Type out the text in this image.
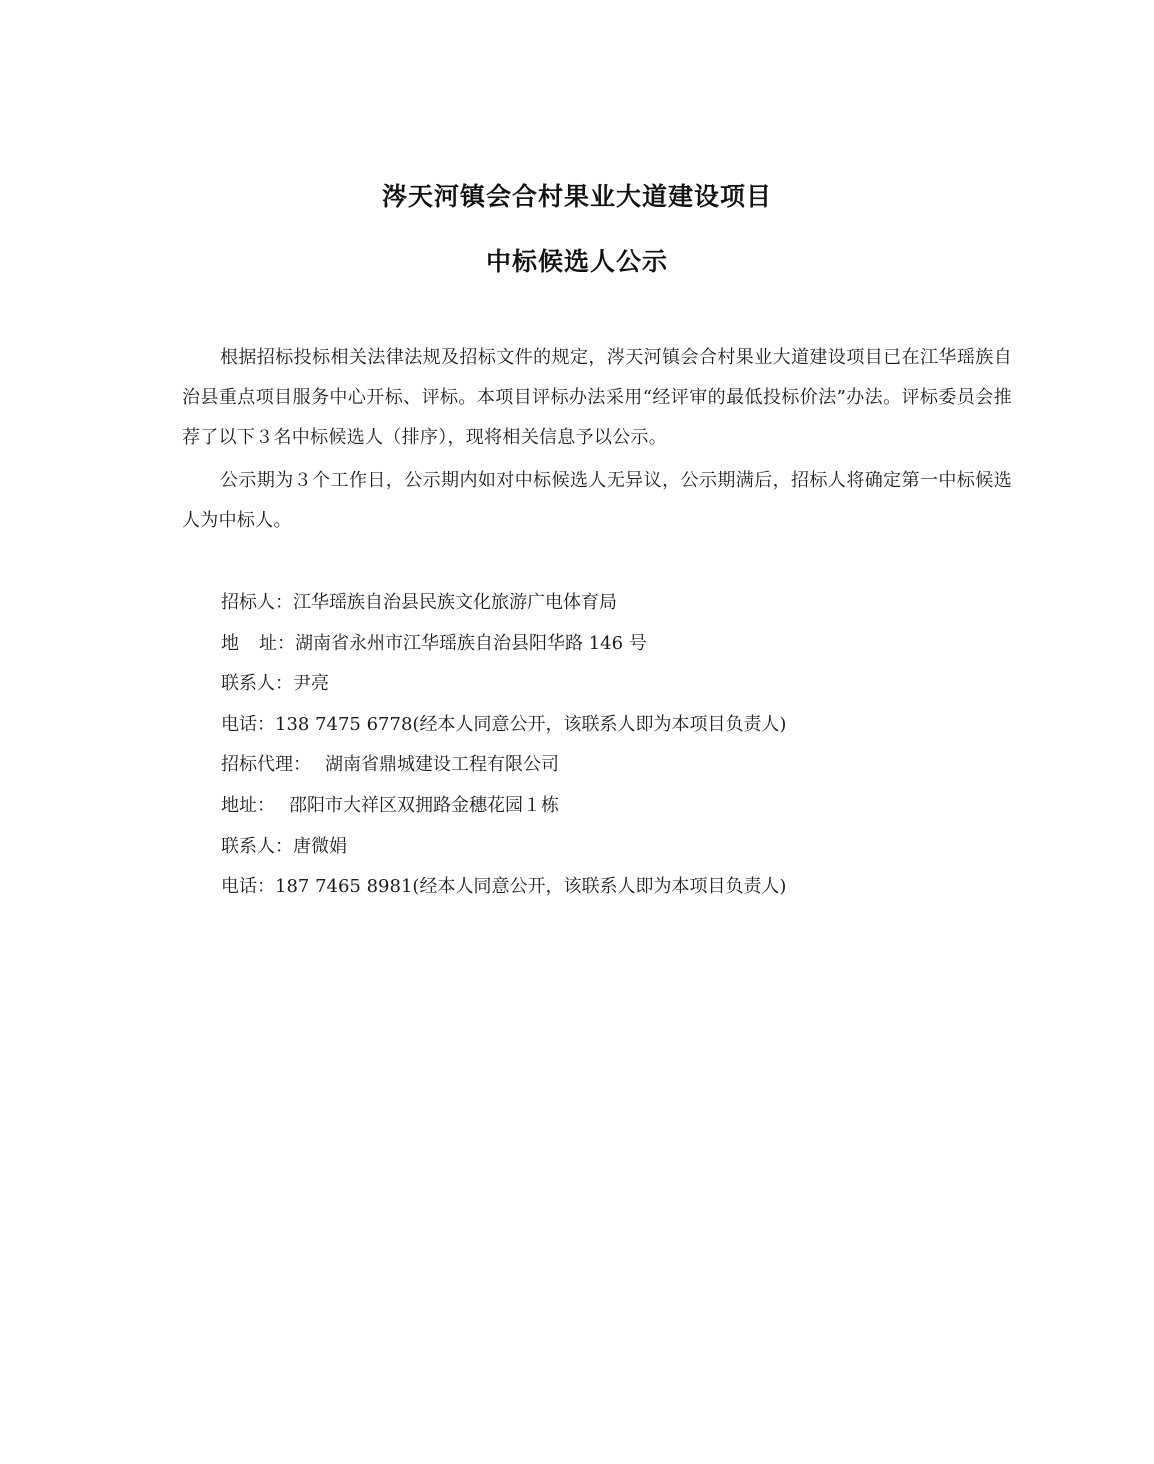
涔天河镇会合村果业大道建设项目
中标候选人公示
根据招标投标相关法律法规及招标文件的规定，涔天河镇会合村果业大道建设项目已在江华瑶族自治县重点项目服务中心开标、评标。本项目评标办法采用“经评审的最低投标价法”办法。评标委员会推荐了以下３名中标候选人（排序），现将相关信息予以公示。
公示期为３个工作日，公示期内如对中标候选人无异议，公示期满后，招标人将确定第一中标候选人为中标人。
招标人：江华瑶族自治县民族文化旅游广电体育局
地 址：湖南省永州市江华瑶族自治县阳华路 146 号
联系人：尹亮
电话：138 7475 6778(经本人同意公开，该联系人即为本项目负责人)
招标代理： 湖南省鼎城建设工程有限公司
地址： 邵阳市大祥区双拥路金穗花园１栋
联系人：唐微娟
电话：187 7465 8981(经本人同意公开，该联系人即为本项目负责人)
